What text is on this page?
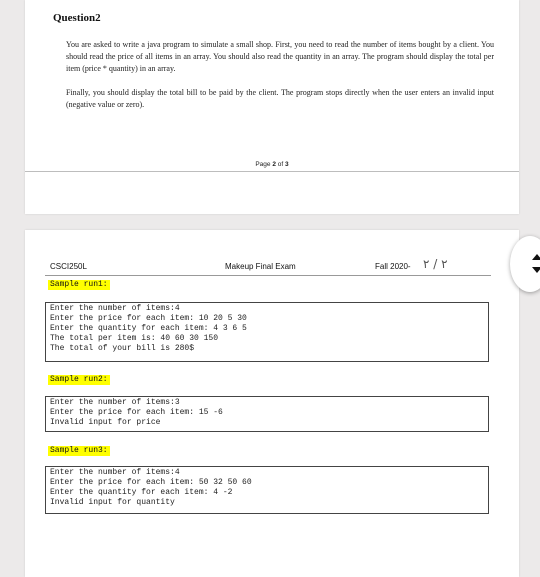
Question2
You are asked to write a java program to simulate a small shop. First, you need to read the number of items bought by a client. You should read the price of all items in an array. You should also read the quantity in an array. The program should display the total per item (price * quantity) in an array.
Finally, you should display the total bill to be paid by the client. The program stops directly when the user enters an invalid input (negative value or zero).
Page 2 of 3
CSCI250L	Makeup Final Exam	Fall 2020- ٢ / ٢
Sample run1:
Enter the number of items:4
Enter the price for each item: 10 20 5 30
Enter the quantity for each item: 4 3 6 5
The total per item is: 40 60 30 150
The total of your bill is 280$
Sample run2:
Enter the number of items:3
Enter the price for each item: 15 -6
Invalid input for price
Sample run3:
Enter the number of items:4
Enter the price for each item: 50 32 50 60
Enter the quantity for each item: 4 -2
Invalid input for quantity
